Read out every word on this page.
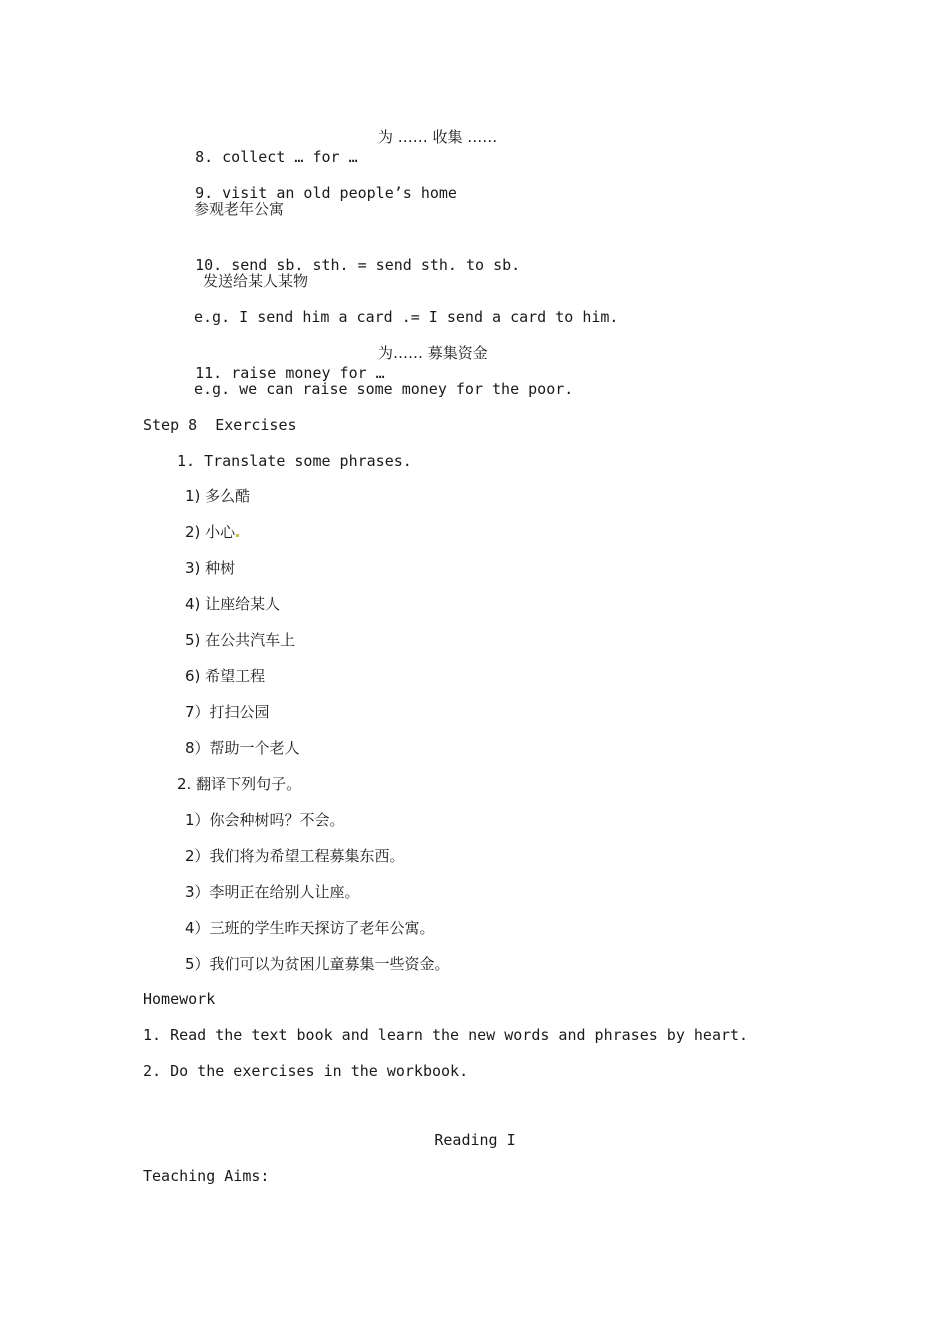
8. collect … for …

为 …… 收集 ……

9. visit an old people’s home

参观老年公寓

10. send sb. sth. = send sth. to sb.

发送给某人某物
e.g. I send him a card .= I send a card to him.

11. raise money for …

为…… 募集资金
e.g. we can raise some money for the poor.
Step 8  Exercises
1. Translate some phrases.
1) 多么酷
2) 小心
3) 种树
4) 让座给某人
5) 在公共汽车上
6) 希望工程
7）打扫公园
8）帮助一个老人
2. 翻译下列句子。
1）你会种树吗？不会。
2）我们将为希望工程募集东西。
3）李明正在给别人让座。
4）三班的学生昨天探访了老年公寓。
5）我们可以为贫困儿童募集一些资金。
Homework
1. Read the text book and learn the new words and phrases by heart.
2. Do the exercises in the workbook.
Reading I
Teaching Aims:
